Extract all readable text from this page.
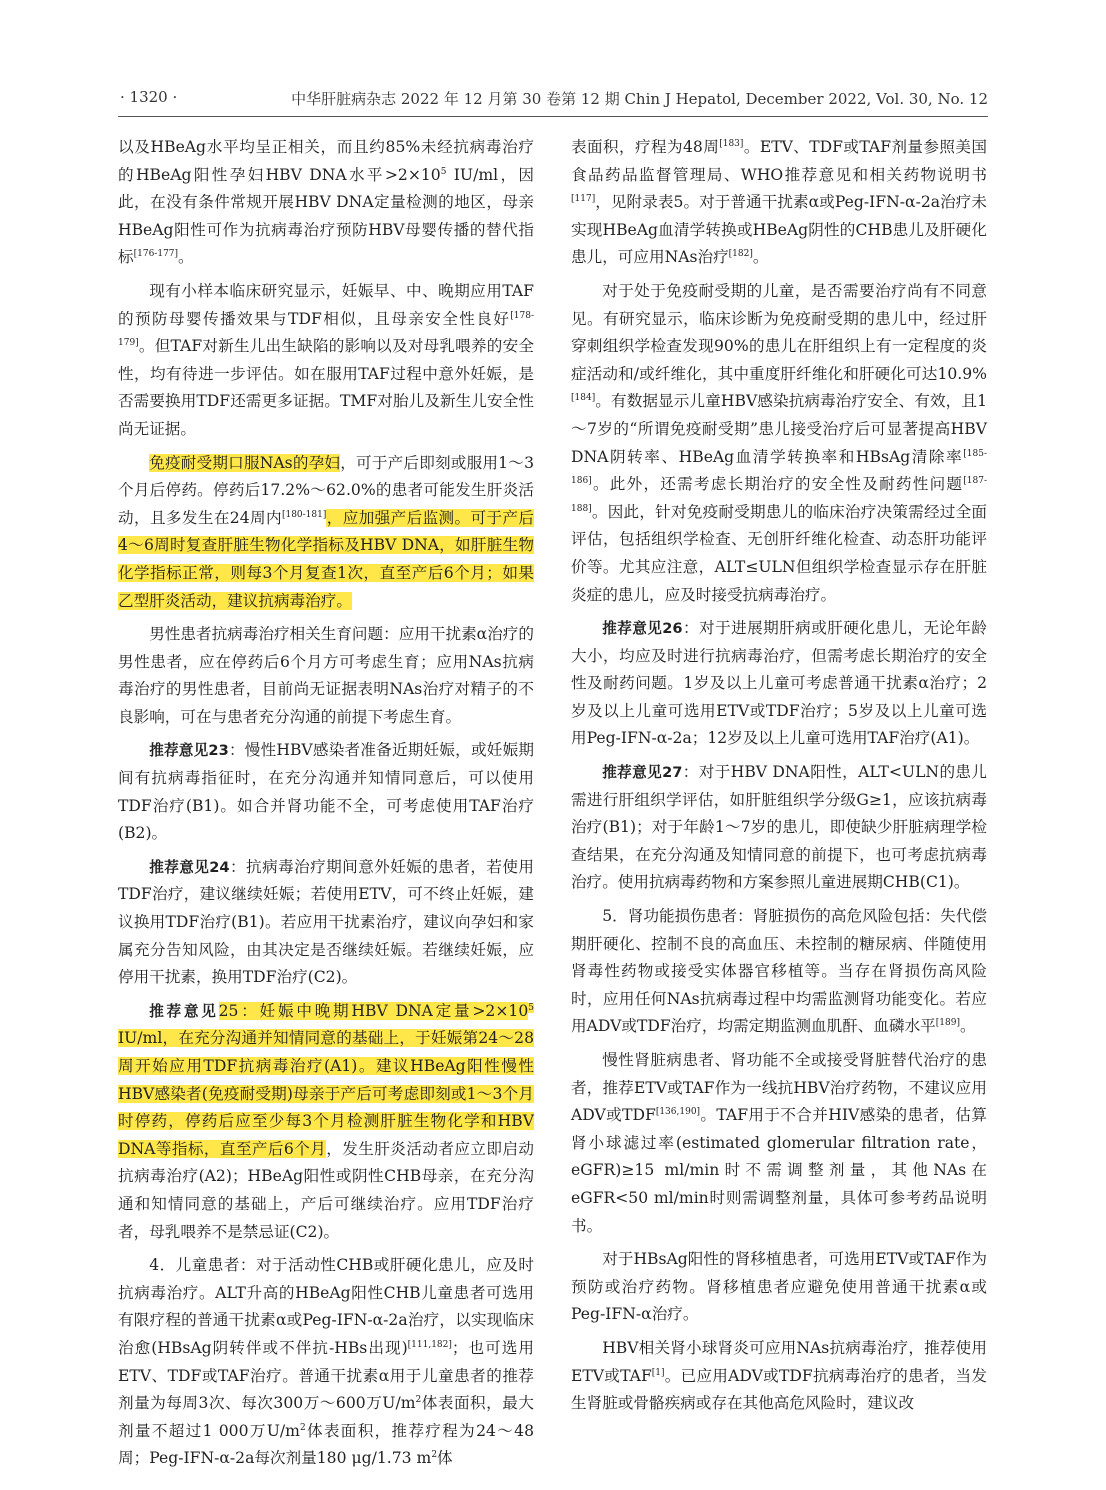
· 1320 ·	中华肝脏病杂志 2022 年 12 月第 30 卷第 12 期 Chin J Hepatol, December 2022, Vol. 30, No. 12

以及HBeAg水平均呈正相关，而且约85%未经抗病毒治疗的HBeAg阳性孕妇HBV DNA水平$>2\times 10^5$ IU/ml，因此，在没有条件常规开展HBV DNA定量检测的地区，母亲HBeAg阳性可作为抗病毒治疗预防HBV母婴传播的替代指标[176-177]。

现有小样本临床研究显示，妊娠早、中、晚期应用TAF的预防母婴传播效果与TDF相似，且母亲安全性良好[178-179]。但TAF对新生儿出生缺陷的影响以及对母乳喂养的安全性，均有待进一步评估。如在服用TAF过程中意外妊娠，是否需要换用TDF还需更多证据。TMF对胎儿及新生儿安全性尚无证据。

免疫耐受期口服NAs的孕妇，可于产后即刻或服用1～3个月后停药。停药后17.2%～62.0%的患者可能发生肝炎活动，且多发生在24周内[180-181]，应加强产后监测。可于产后4～6周时复查肝脏生物化学指标及HBV DNA，如肝脏生物化学指标正常，则每3个月复查1次，直至产后6个月；如果乙型肝炎活动，建议抗病毒治疗。

男性患者抗病毒治疗相关生育问题：应用干扰素α治疗的男性患者，应在停药后6个月方可考虑生育；应用NAs抗病毒治疗的男性患者，目前尚无证据表明NAs治疗对精子的不良影响，可在与患者充分沟通的前提下考虑生育。

推荐意见23：慢性HBV感染者准备近期妊娠，或妊娠期间有抗病毒指征时，在充分沟通并知情同意后，可以使用TDF治疗(B1)。如合并肾功能不全，可考虑使用TAF治疗(B2)。

推荐意见24：抗病毒治疗期间意外妊娠的患者，若使用TDF治疗，建议继续妊娠；若使用ETV，可不终止妊娠，建议换用TDF治疗(B1)。若应用干扰素治疗，建议向孕妇和家属充分告知风险，由其决定是否继续妊娠。若继续妊娠，应停用干扰素，换用TDF治疗(C2)。

推荐意见25：妊娠中晚期HBV DNA定量$>2\times 10^5$ IU/ml，在充分沟通并知情同意的基础上，于妊娠第24～28周开始应用TDF抗病毒治疗(A1)。建议HBeAg阳性慢性HBV感染者(免疫耐受期)母亲于产后可考虑即刻或1～3个月时停药，停药后应至少每3个月检测肝脏生物化学和HBV DNA等指标，直至产后6个月，发生肝炎活动者应立即启动抗病毒治疗(A2)；HBeAg阳性或阴性CHB母亲，在充分沟通和知情同意的基础上，产后可继续治疗。应用TDF治疗者，母乳喂养不是禁忌证(C2)。

4．儿童患者：对于活动性CHB或肝硬化患儿，应及时抗病毒治疗。ALT升高的HBeAg阳性CHB儿童患者可选用有限疗程的普通干扰素α或Peg-IFN-α-2a治疗，以实现临床治愈(HBsAg阴转伴或不伴抗-HBs出现)[111,182]；也可选用ETV、TDF或TAF治疗。普通干扰素α用于儿童患者的推荐剂量为每周3次、每次300万～600万$U/m^2$体表面积，最大剂量不超过1 000万$U/m^2$体表面积，推荐疗程为24～48周；Peg-IFN-α-2a每次剂量180 μg/1.73 $m^2$体

表面积，疗程为48周[183]。ETV、TDF或TAF剂量参照美国食品药品监督管理局、WHO推荐意见和相关药物说明书[117]，见附录表5。对于普通干扰素α或Peg-IFN-α-2a治疗未实现HBeAg血清学转换或HBeAg阴性的CHB患儿及肝硬化患儿，可应用NAs治疗[182]。

对于处于免疫耐受期的儿童，是否需要治疗尚有不同意见。有研究显示，临床诊断为免疫耐受期的患儿中，经过肝穿刺组织学检查发现90%的患儿在肝组织上有一定程度的炎症活动和/或纤维化，其中重度肝纤维化和肝硬化可达10.9%[184]。有数据显示儿童HBV感染抗病毒治疗安全、有效，且1～7岁的“所谓免疫耐受期”患儿接受治疗后可显著提高HBV DNA阴转率、HBeAg血清学转换率和HBsAg清除率[185-186]。此外，还需考虑长期治疗的安全性及耐药性问题[187-188]。因此，针对免疫耐受期患儿的临床治疗决策需经过全面评估，包括组织学检查、无创肝纤维化检查、动态肝功能评价等。尤其应注意，ALT≤ULN但组织学检查显示存在肝脏炎症的患儿，应及时接受抗病毒治疗。

推荐意见26：对于进展期肝病或肝硬化患儿，无论年龄大小，均应及时进行抗病毒治疗，但需考虑长期治疗的安全性及耐药问题。1岁及以上儿童可考虑普通干扰素α治疗；2岁及以上儿童可选用ETV或TDF治疗；5岁及以上儿童可选用Peg-IFN-α-2a；12岁及以上儿童可选用TAF治疗(A1)。

推荐意见27：对于HBV DNA阳性，ALT<ULN的患儿需进行肝组织学评估，如肝脏组织学分级G≥1，应该抗病毒治疗(B1)；对于年龄1～7岁的患儿，即使缺少肝脏病理学检查结果，在充分沟通及知情同意的前提下，也可考虑抗病毒治疗。使用抗病毒药物和方案参照儿童进展期CHB(C1)。

5．肾功能损伤患者：肾脏损伤的高危风险包括：失代偿期肝硬化、控制不良的高血压、未控制的糖尿病、伴随使用肾毒性药物或接受实体器官移植等。当存在肾损伤高风险时，应用任何NAs抗病毒过程中均需监测肾功能变化。若应用ADV或TDF治疗，均需定期监测血肌酐、血磷水平[189]。

慢性肾脏病患者、肾功能不全或接受肾脏替代治疗的患者，推荐ETV或TAF作为一线抗HBV治疗药物，不建议应用ADV或TDF[136,190]。TAF用于不合并HIV感染的患者，估算肾小球滤过率(estimated glomerular filtration rate，eGFR)≥15 ml/min时不需调整剂量，其他NAs在eGFR<50 ml/min时则需调整剂量，具体可参考药品说明书。

对于HBsAg阳性的肾移植患者，可选用ETV或TAF作为预防或治疗药物。肾移植患者应避免使用普通干扰素α或Peg-IFN-α治疗。

HBV相关肾小球肾炎可应用NAs抗病毒治疗，推荐使用ETV或TAF[1]。已应用ADV或TDF抗病毒治疗的患者，当发生肾脏或骨骼疾病或存在其他高危风险时，建议改
